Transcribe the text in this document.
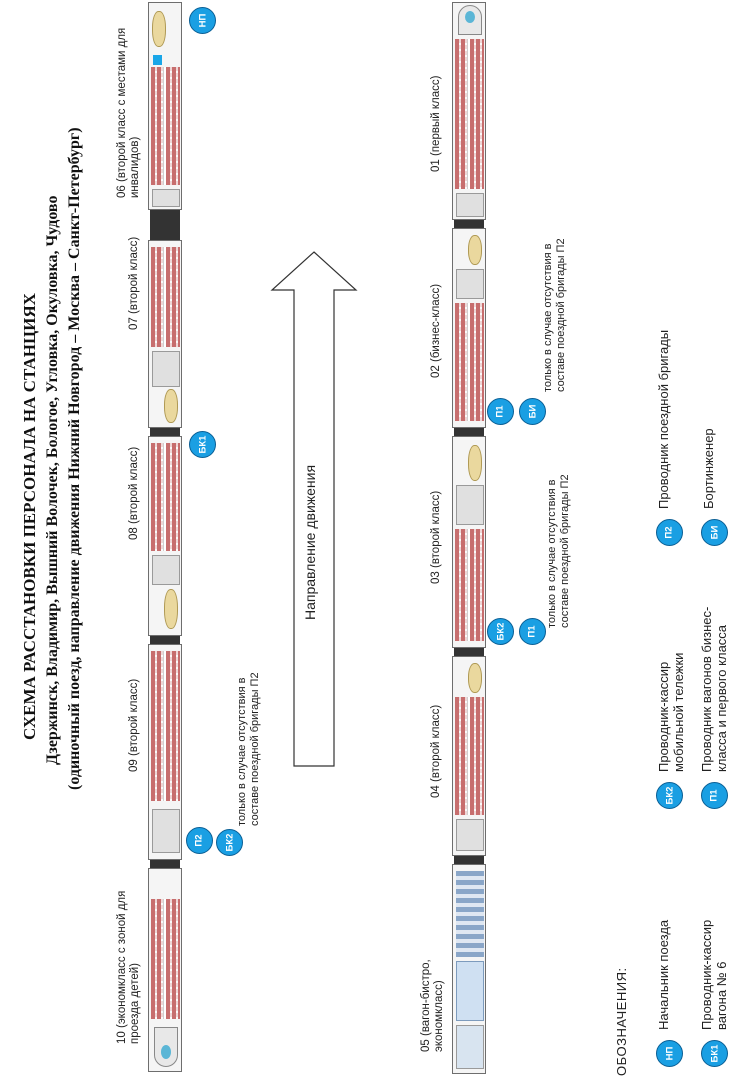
СХЕМА РАССТАНОВКИ ПЕРСОНАЛА НА СТАНЦИЯХ Дзержинск, Владимир, Вышний Волочек, Бологое, Угловка, Окуловка, Чудово (одиночный поезд, направление движения Нижний Новгород – Москва – Санкт-Петербург)	Направление движения
06 (второй класс с местами для инвалидов)
07 (второй класс)
08 (второй класс)
09 (второй класс)
10 (экономкласс с зоной для проезда детей)
01 (первый класс)
02 (бизнес-класс)
03 (второй класс)
04 (второй класс)
05 (вагон-бистро, экономкласс)
НП
БК1
П2 БК2
БК2 П1
П1 БИ
только в случае отсутствия в составе поездной бригады П2
только в случае отсутствия в составе поездной бригады П2
только в случае отсутствия в составе поездной бригады П2
ОБОЗНАЧЕНИЯ:	НП
Начальник поезда
БК1
Проводник-кассир вагона № 6
БК2
Проводник-кассир мобильной тележки
П1
Проводник вагонов бизнес-класса и первого класса
П2
Проводник поездной бригады
БИ
Бортинженер
